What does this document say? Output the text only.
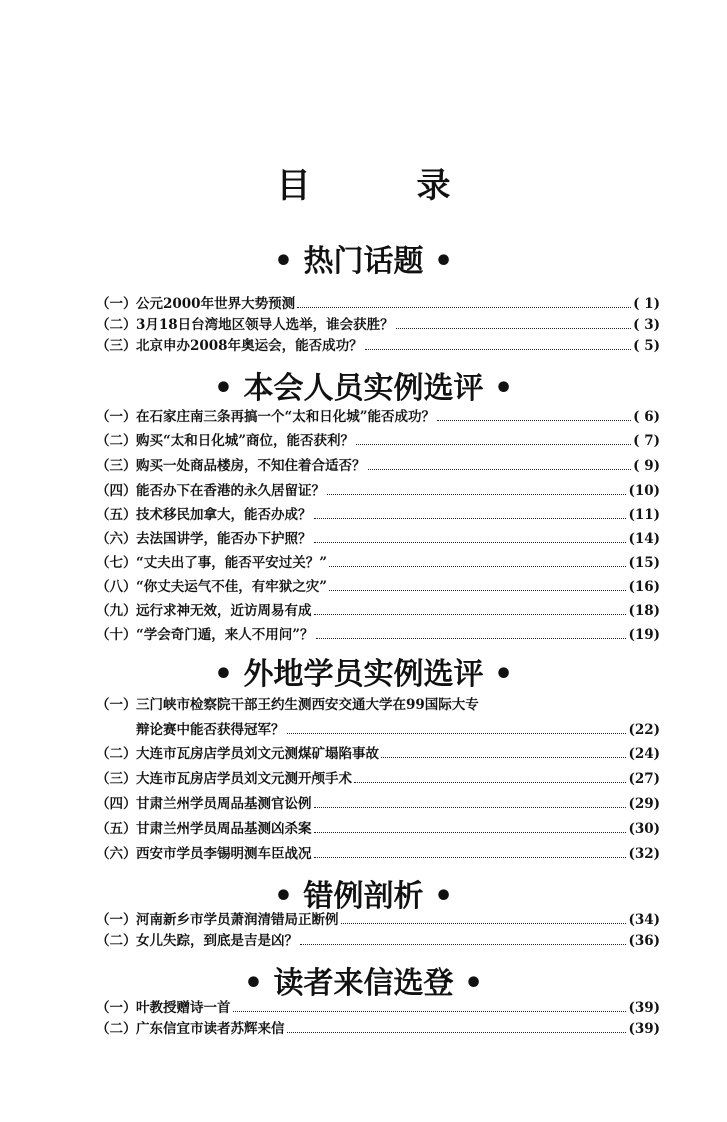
目　录
• 热门话题 •
（一） 公元2000年世界大势预测	( 1)
（二） 3月18日台湾地区领导人选举，谁会获胜？	( 3)
（三） 北京申办2008年奥运会，能否成功？	( 5)
• 本会人员实例选评 •
（一） 在石家庄南三条再搞一个“太和日化城”能否成功？	( 6)
（二） 购买“太和日化城”商位，能否获利？	( 7)
（三） 购买一处商品楼房，不知住着合适否？	( 9)
（四） 能否办下在香港的永久居留证？	(10)
（五） 技术移民加拿大，能否办成？	(11)
（六） 去法国讲学，能否办下护照？	(14)
（七） “丈夫出了事，能否平安过关？”	(15)
（八） “你丈夫运气不佳，有牢狱之灾”	(16)
（九） 远行求神无效，近访周易有成	(18)
（十） “学会奇门遁，来人不用问”？	(19)
• 外地学员实例选评 •
（一） 三门峡市检察院干部王约生测西安交通大学在99国际大专
辩论赛中能否获得冠军？	(22)
（二） 大连市瓦房店学员刘文元测煤矿塌陷事故	(24)
（三） 大连市瓦房店学员刘文元测开颅手术	(27)
（四） 甘肃兰州学员周品基测官讼例	(29)
（五） 甘肃兰州学员周品基测凶杀案	(30)
（六） 西安市学员李锡明测车臣战况	(32)
• 错例剖析 •
（一） 河南新乡市学员萧润清错局正断例	(34)
（二） 女儿失踪，到底是吉是凶？	(36)
• 读者来信选登 •
（一） 叶教授赠诗一首	(39)
（二） 广东信宜市读者苏辉来信	(39)
